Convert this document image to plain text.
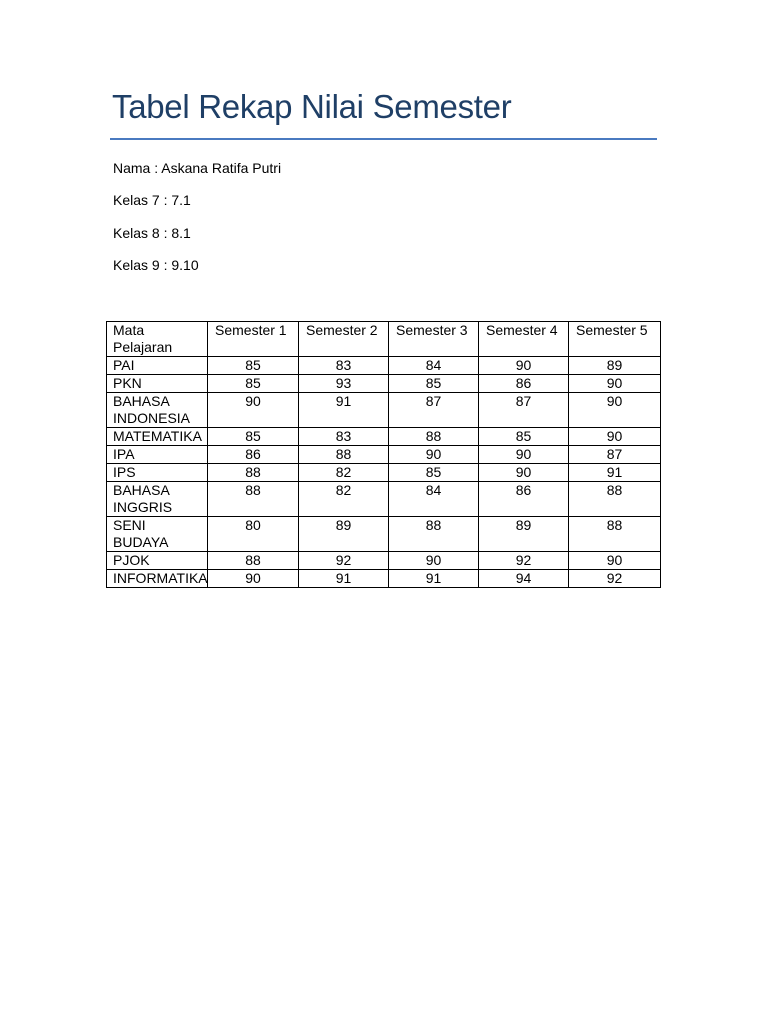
Tabel Rekap Nilai Semester

Nama : Askana Ratifa Putri

Kelas 7 : 7.1

Kelas 8 : 8.1

Kelas 9 : 9.10

Mata Pelajaran	Semester 1	Semester 2	Semester 3	Semester 4	Semester 5
PAI	85	83	84	90	89
PKN	85	93	85	86	90
BAHASA INDONESIA	90	91	87	87	90
MATEMATIKA	85	83	88	85	90
IPA	86	88	90	90	87
IPS	88	82	85	90	91
BAHASA INGGRIS	88	82	84	86	88
SENI BUDAYA	80	89	88	89	88
PJOK	88	92	90	92	90
INFORMATIKA	90	91	91	94	92
